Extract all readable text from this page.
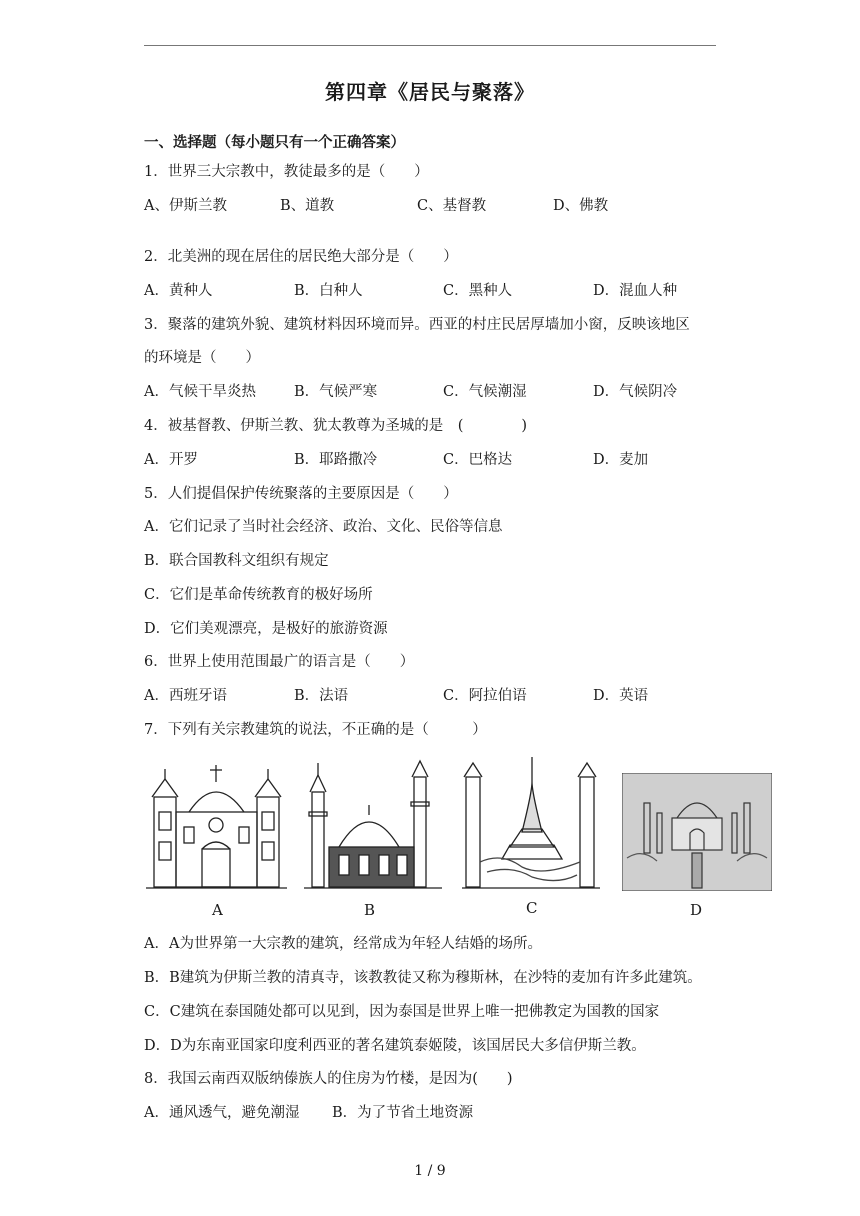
第四章《居民与聚落》
一、选择题（每小题只有一个正确答案）
1．世界三大宗教中，教徒最多的是（　　）
A、伊斯兰教	B、道教	C、基督教	D、佛教
2．北美洲的现在居住的居民绝大部分是（　　）
A．黄种人	B．白种人	C．黑种人	D．混血人种
3．聚落的建筑外貌、建筑材料因环境而异。西亚的村庄民居厚墙加小窗，反映该地区
的环境是（　　）
A．气候干旱炎热	B．气候严寒	C．气候潮湿	D．气候阴冷
4．被基督教、伊斯兰教、犹太教尊为圣城的是　(　　　　)
A．开罗	B．耶路撒冷	C．巴格达	D．麦加
5．人们提倡保护传统聚落的主要原因是（　　）
A．它们记录了当时社会经济、政治、文化、民俗等信息
B．联合国教科文组织有规定
C．它们是革命传统教育的极好场所
D．它们美观漂亮，是极好的旅游资源
6．世界上使用范围最广的语言是（　　）
A．西班牙语	B．法语	C．阿拉伯语	D．英语
7．下列有关宗教建筑的说法，不正确的是（　　　）
A	B	C	D
A．A为世界第一大宗教的建筑，经常成为年轻人结婚的场所。
B．B建筑为伊斯兰教的清真寺，该教教徒又称为穆斯林，在沙特的麦加有许多此建筑。
C．C建筑在泰国随处都可以见到，因为泰国是世界上唯一把佛教定为国教的国家
D．D为东南亚国家印度利西亚的著名建筑泰姬陵，该国居民大多信伊斯兰教。
8．我国云南西双版纳傣族人的住房为竹楼，是因为(　　)
A．通风透气，避免潮湿 B．为了节省土地资源
1 / 9
